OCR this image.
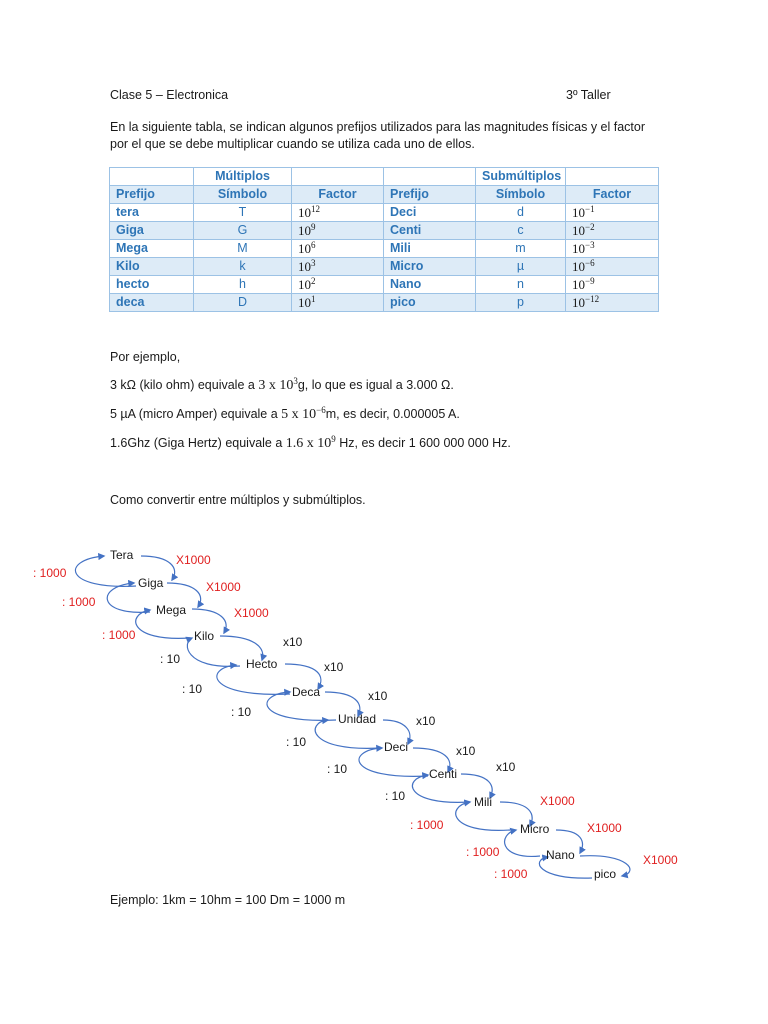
Clase 5 – Electronica	3º Taller
En la siguiente tabla, se indican algunos prefijos utilizados para las magnitudes físicas y el factor por el que se debe multiplicar cuando se utiliza cada uno de ellos.
	Múltiplos			Submúltiplos	
Prefijo	Símbolo	Factor	Prefijo	Símbolo	Factor
tera	T	$10^{12}$	Deci	d	$10^{-1}$
Giga	G	$10^9$	Centi	c	$10^{-2}$
Mega	M	$10^6$	Mili	m	$10^{-3}$
Kilo	k	$10^3$	Micro	µ	$10^{-6}$
hecto	h	$10^2$	Nano	n	$10^{-9}$
deca	D	$10^1$	pico	p	$10^{-12}$
Por ejemplo,
3 kΩ (kilo ohm) equivale a 3 x $10^3g$, lo que es igual a 3.000 Ω.
5 µA (micro Amper) equivale a 5 x $10^{-6}m$, es decir, 0.000005 A.
1.6Ghz (Giga Hertz) equivale a 1.6 x $10^9$ Hz, es decir 1 600 000 000 Hz.
Como convertir entre múltiplos y submúltiplos.
Tera
Giga
Mega
Kilo
Hecto
Deca
Unidad
Deci
Centi
Mili
Micro
Nano
pico
X1000
X1000
X1000
x10
x10
x10
x10
x10
x10
X1000
X1000
X1000
: 1000
: 1000
: 1000
: 10
: 10
: 10
: 10
: 10
: 10
: 1000
: 1000
: 1000
Ejemplo: 1km = 10hm = 100 Dm = 1000 m
